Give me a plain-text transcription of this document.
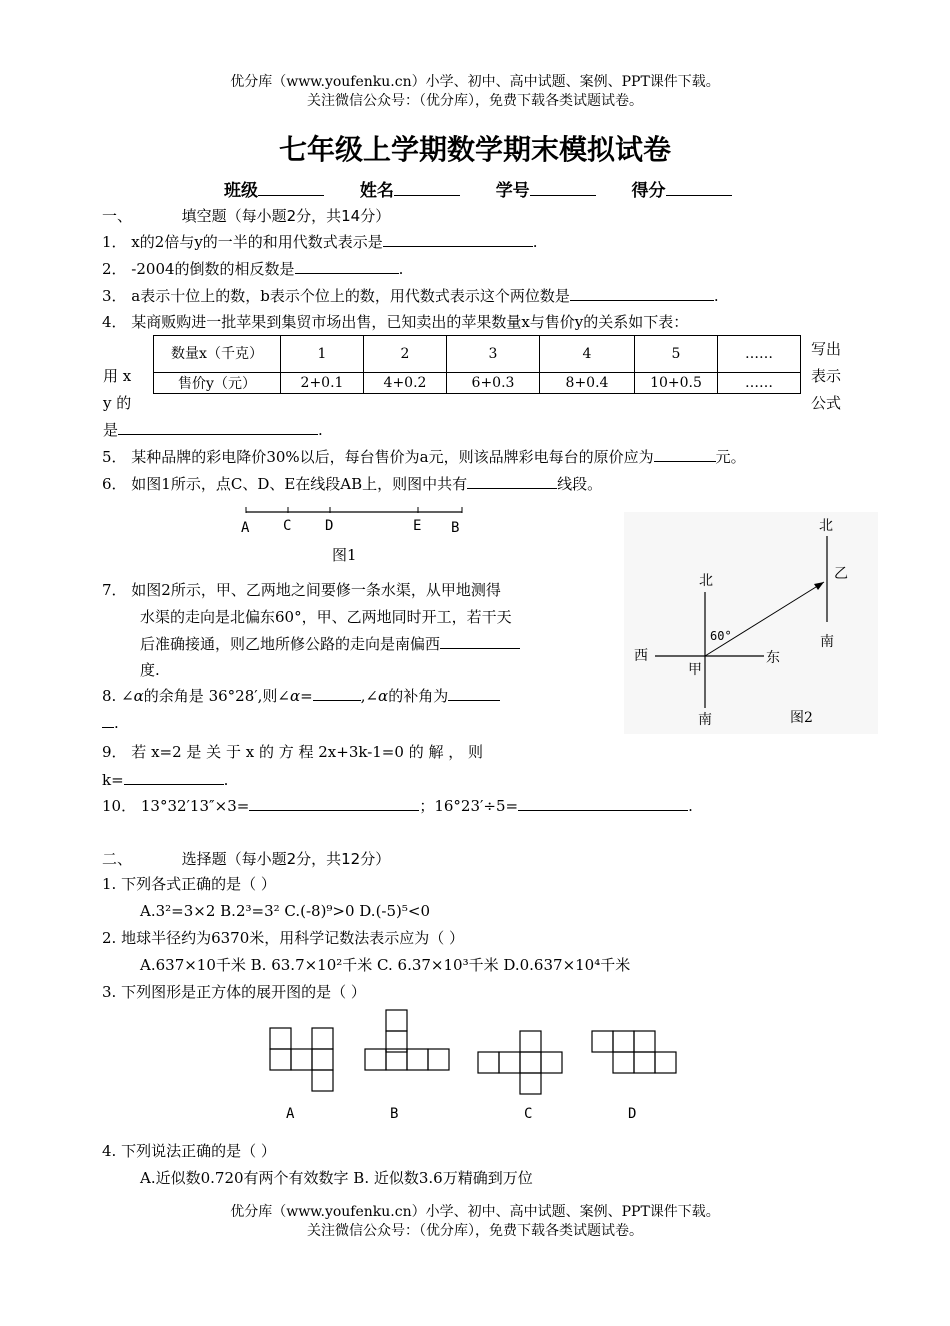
优分库（www.youfenku.cn）小学、初中、高中试题、案例、PPT课件下载。
关注微信公众号：（优分库），免费下载各类试题试卷。
七年级上学期数学期末模拟试卷
班级	姓名	学号	得分
一、	填空题（每小题2分，共14分）
1． x的2倍与y的一半的和用代数式表示是	.
2． -2004的倒数的相反数是	.
3． a表示十位上的数，b表示个位上的数，用代数式表示这个两位数是	.
4． 某商贩购进一批苹果到集贸市场出售，已知卖出的苹果数量x与售价y的关系如下表：
用 x
y 的
写出
表示
公式
是	.
数量x（千克）	1	2	3	4	5	……
售价y（元）	2+0.1	4+0.2	6+0.3	8+0.4	10+0.5	……
5． 某种品牌的彩电降价30%以后，每台售价为a元，则该品牌彩电每台的原价应为	元。
6． 如图1所示，点C、D、E在线段AB上，则图中共有	线段。
A C D	E B
图1
北
北
西	东
甲
乙
南
南
60°
图2
7． 如图2所示，甲、乙两地之间要修一条水渠，从甲地测得
水渠的走向是北偏东60°，甲、乙两地同时开工，若干天
后准确接通，则乙地所修公路的走向是南偏西
度.
8. ∠α的余角是 36°28′,则∠α=	,∠α的补角为
.
9． 若 x=2 是 关 于 x 的 方 程 2x+3k-1=0 的 解 ， 则
k=	.
10． 13°32′13″×3=	；16°23′÷5=	.
二、	选择题（每小题2分，共12分）
1. 下列各式正确的是（ ）
A.3²=3×2 B.2³=3² C.(-8)⁹>0 D.(-5)⁵<0
2. 地球半径约为6370米，用科学记数法表示应为（ ）
A.637×10千米 B. 63.7×10²千米 C. 6.37×10³千米 D.0.637×10⁴千米
3. 下列图形是正方体的展开图的是（ ）
A	B	C	D
4. 下列说法正确的是（ ）
A.近似数0.720有两个有效数字 B. 近似数3.6万精确到万位
优分库（www.youfenku.cn）小学、初中、高中试题、案例、PPT课件下载。
关注微信公众号：（优分库），免费下载各类试题试卷。
